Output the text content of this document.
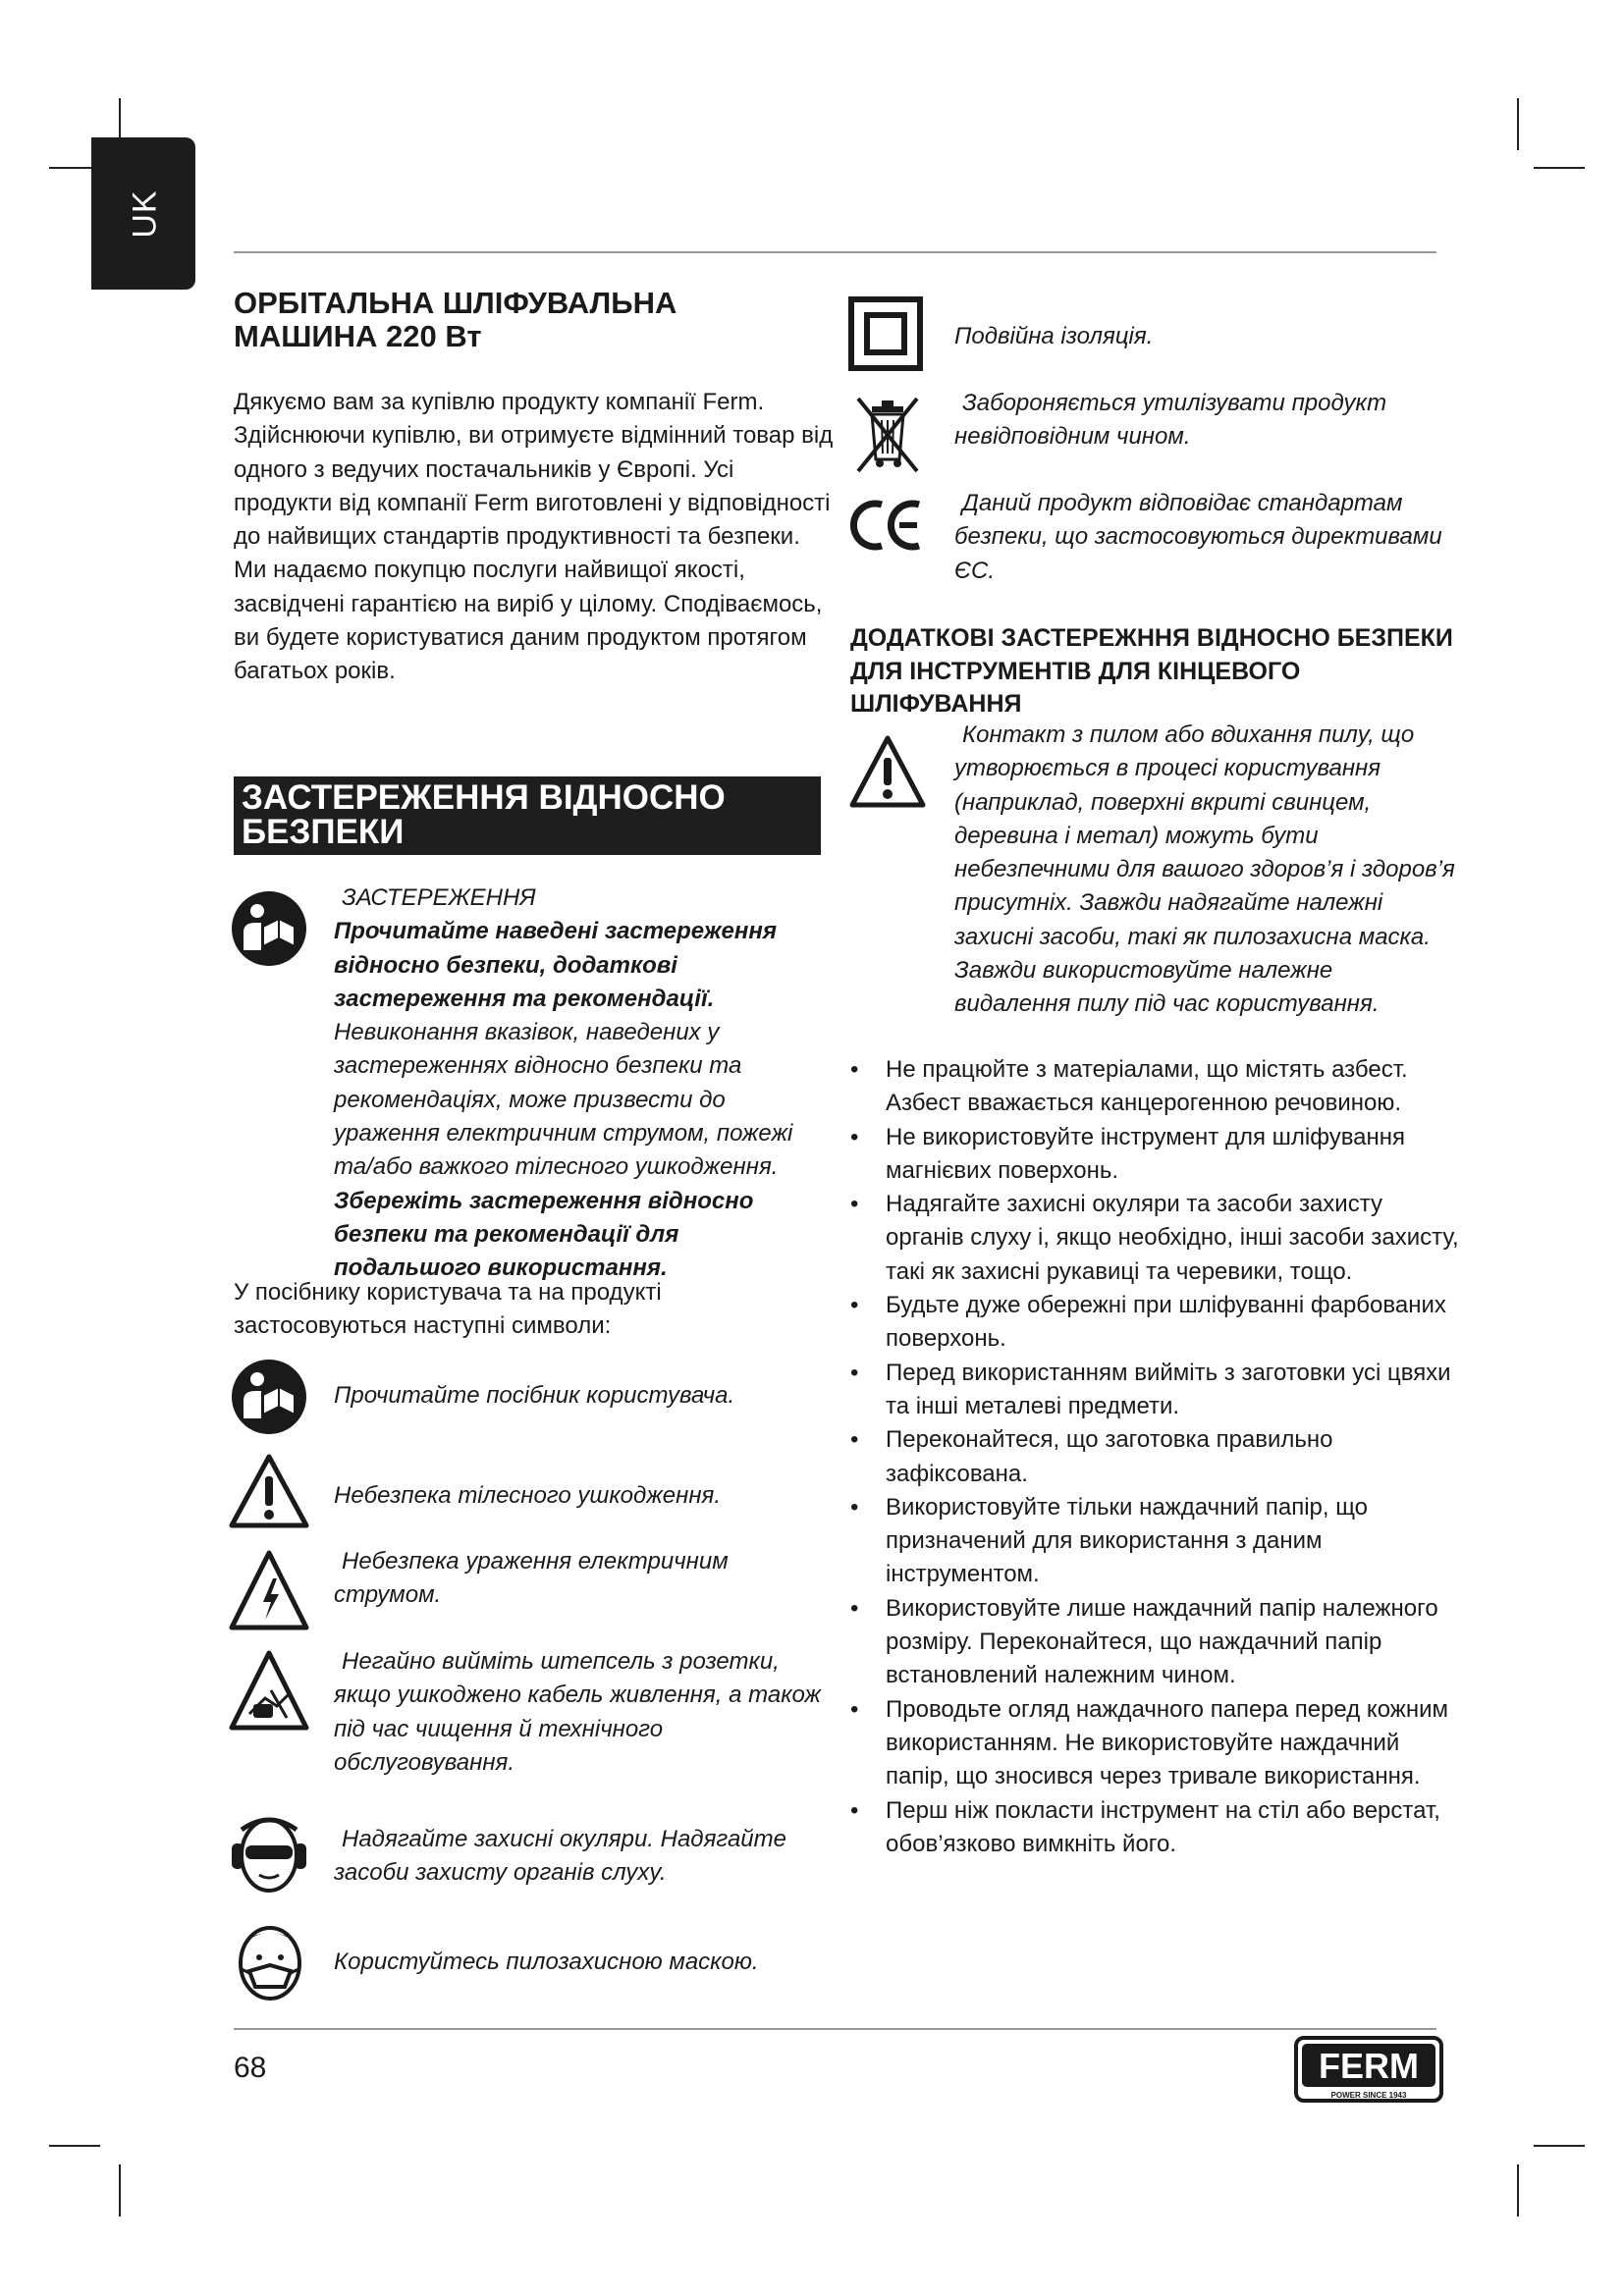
UK
ОРБІТАЛЬНА ШЛІФУВАЛЬНА МАШИНА 220 Вт

Дякуємо вам за купівлю продукту компанії Ferm. Здійснюючи купівлю, ви отримуєте відмінний товар від одного з ведучих постачальників у Європі. Усі продукти від компанії Ferm виготовлені у відповідності до найвищих стандартів продуктивності та безпеки. Ми надаємо покупцю послуги найвищої якості, засвідчені гарантією на виріб у цілому. Сподіваємось, ви будете користуватися даним продуктом протягом багатьох років.

ЗАСТЕРЕЖЕННЯ ВІДНОСНО БЕЗПЕКИ
ЗАСТЕРЕЖЕННЯ
Прочитайте наведені застереження відносно безпеки, додаткові застереження та рекомендації. Невиконання вказівок, наведених у застереженнях відносно безпеки та рекомендаціях, може призвести до ураження електричним струмом, пожежі та/або важкого тілесного ушкодження. Збережіть застереження відносно безпеки та рекомендації для подальшого використання.

У посібнику користувача та на продукті застосовуються наступні символи:

Прочитайте посібник користувача.

Небезпека тілесного ушкодження.

Небезпека ураження електричним струмом.

Негайно вийміть штепсель з розетки, якщо ушкоджено кабель живлення, а також під час чищення й технічного обслуговування.

Надягайте захисні окуляри. Надягайте засоби захисту органів слуху.

Користуйтесь пилозахисною маскою.

Подвійна ізоляція.

Забороняється утилізувати продукт невідповідним чином.

Даний продукт відповідає стандартам безпеки, що застосовуються директивами ЄС.

ДОДАТКОВІ ЗАСТЕРЕЖННЯ ВІДНОСНО БЕЗПЕКИ ДЛЯ ІНСТРУМЕНТІВ ДЛЯ КІНЦЕВОГО ШЛІФУВАННЯ

Контакт з пилом або вдихання пилу, що утворюється в процесі користування (наприклад, поверхні вкриті свинцем, деревина і метал) можуть бути небезпечними для вашого здоров’я і здоров’я присутніх. Завжди надягайте належні захисні засоби, такі як пилозахисна маска. Завжди використовуйте належне видалення пилу під час користування.

• Не працюйте з матеріалами, що містять азбест. Азбест вважається канцерогенною речовиною.
• Не використовуйте інструмент для шліфування магнієвих поверхонь.
• Надягайте захисні окуляри та засоби захисту органів слуху і, якщо необхідно, інші засоби захисту, такі як захисні рукавиці та черевики, тощо.
• Будьте дуже обережні при шліфуванні фарбованих поверхонь.
• Перед використанням вийміть з заготовки усі цвяхи та інші металеві предмети.
• Переконайтеся, що заготовка правильно зафіксована.
• Використовуйте тільки наждачний папір, що призначений для використання з даним інструментом.
• Використовуйте лише наждачний папір належного розміру. Переконайтеся, що наждачний папір встановлений належним чином.
• Проводьте огляд наждачного папера перед кожним використанням. Не використовуйте наждачний папір, що зносився через тривале використання.
• Перш ніж покласти інструмент на стіл або верстат, обов’язково вимкніть його.
68	FERM
POWER SINCE 1943
